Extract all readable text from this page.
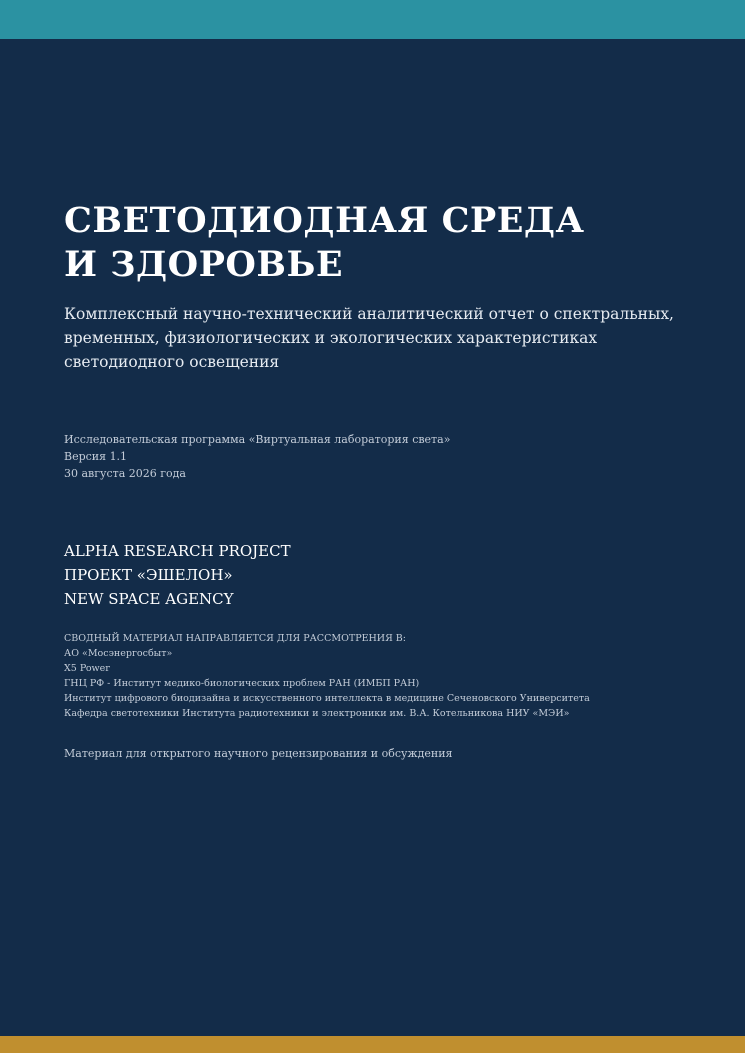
СВЕТОДИОДНАЯ СРЕДА
И ЗДОРОВЬЕ

Комплексный научно-технический аналитический отчет о спектральных, временных, физиологических и экологических характеристиках светодиодного освещения

Исследовательская программа «Виртуальная лаборатория света»
Версия 1.1
30 августа 2026 года
ALPHA RESEARCH PROJECT
ПРОЕКТ «ЭШЕЛОН»
NEW SPACE AGENCY
СВОДНЫЙ МАТЕРИАЛ НАПРАВЛЯЕТСЯ ДЛЯ РАССМОТРЕНИЯ В:
АО «Мосэнергосбыт»
X5 Power
ГНЦ РФ - Институт медико-биологических проблем РАН (ИМБП РАН)
Институт цифрового биодизайна и искусственного интеллекта в медицине Сеченовского Университета
Кафедра светотехники Института радиотехники и электроники им. В.А. Котельникова НИУ «МЭИ»
Материал для открытого научного рецензирования и обсуждения
